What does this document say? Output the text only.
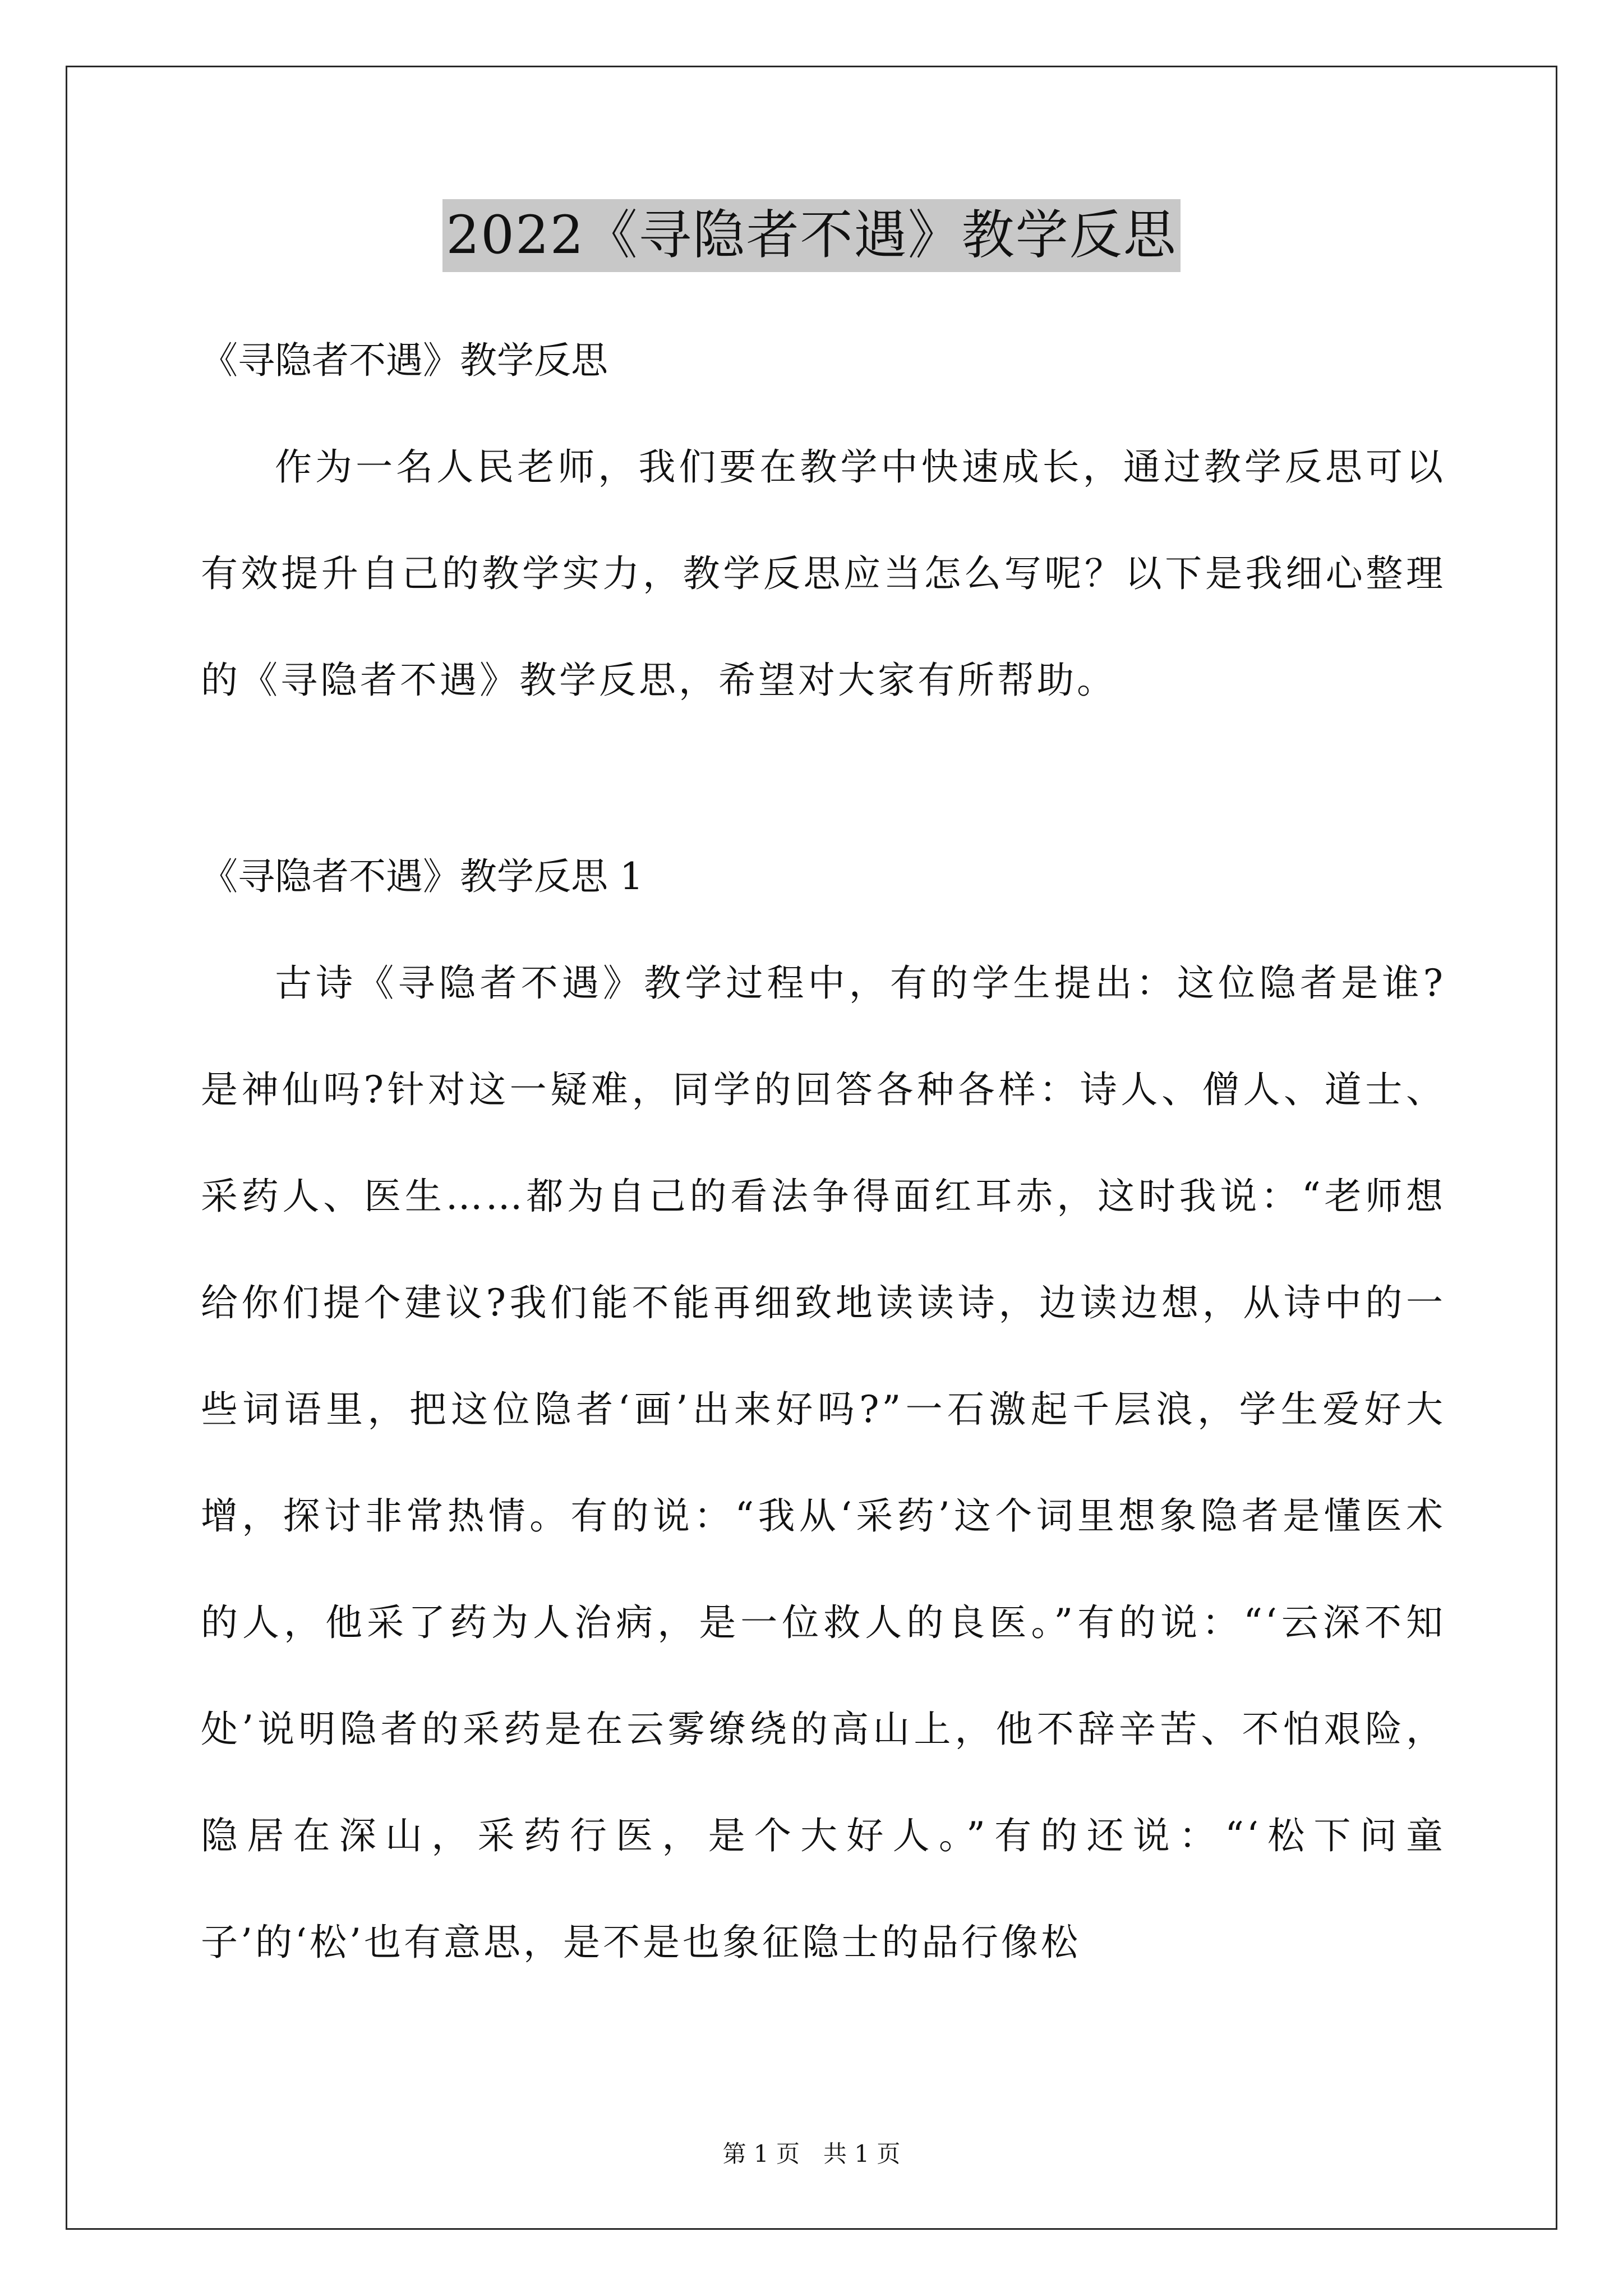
2022《寻隐者不遇》教学反思

《寻隐者不遇》教学反思

作为一名人民老师，我们要在教学中快速成长，通过教学反思可以有效提升自己的教学实力，教学反思应当怎么写呢？以下是我细心整理的《寻隐者不遇》教学反思，希望对大家有所帮助。

《寻隐者不遇》教学反思 1

古诗《寻隐者不遇》教学过程中，有的学生提出：这位隐者是谁?是神仙吗?针对这一疑难，同学的回答各种各样：诗人、僧人、道士、采药人、医生……都为自己的看法争得面红耳赤，这时我说：“老师想给你们提个建议?我们能不能再细致地读读诗，边读边想，从诗中的一些词语里，把这位隐者‘画’出来好吗?”一石激起千层浪，学生爱好大增，探讨非常热情。有的说：“我从‘采药’这个词里想象隐者是懂医术的人，他采了药为人治病，是一位救人的良医。”有的说：“‘云深不知处’说明隐者的采药是在云雾缭绕的高山上，他不辞辛苦、不怕艰险，隐居在深山，采药行医，是个大好人。”有的还说：“‘松下问童子’的‘松’也有意思，是不是也象征隐士的品行像松

第 1 页　共 1 页
